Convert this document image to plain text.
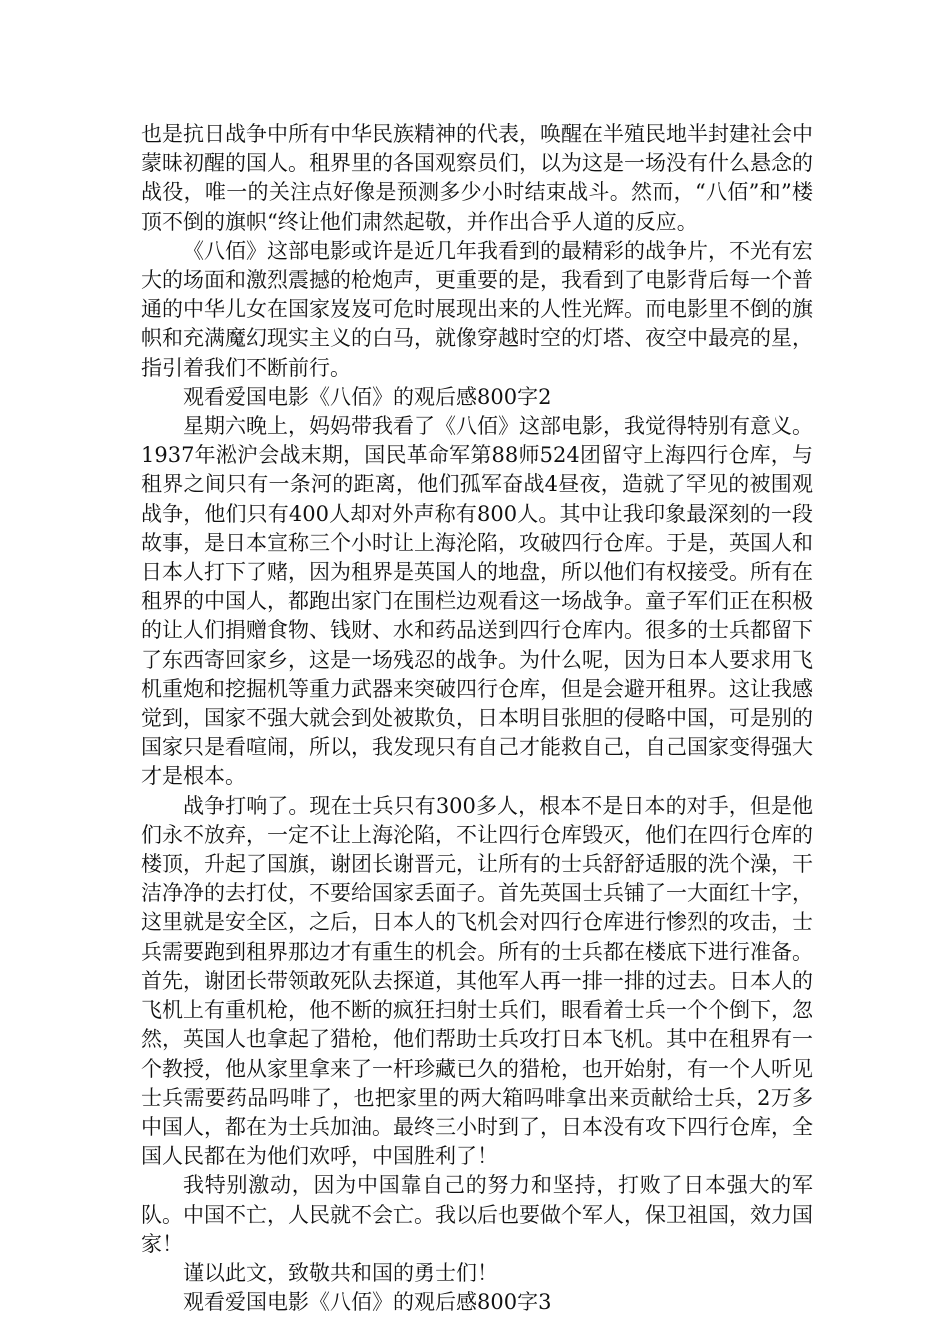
也是抗日战争中所有中华民族精神的代表，唤醒在半殖民地半封建社会中蒙昧初醒的国人。租界里的各国观察员们，以为这是一场没有什么悬念的战役，唯一的关注点好像是预测多少小时结束战斗。然而，“八佰”和”楼顶不倒的旗帜“终让他们肃然起敬，并作出合乎人道的反应。

《八佰》这部电影或许是近几年我看到的最精彩的战争片，不光有宏大的场面和激烈震撼的枪炮声，更重要的是，我看到了电影背后每一个普通的中华儿女在国家岌岌可危时展现出来的人性光辉。而电影里不倒的旗帜和充满魔幻现实主义的白马，就像穿越时空的灯塔、夜空中最亮的星，指引着我们不断前行。

观看爱国电影《八佰》的观后感800字2

星期六晚上，妈妈带我看了《八佰》这部电影，我觉得特别有意义。1937年淞沪会战末期，国民革命军第88师524团留守上海四行仓库，与租界之间只有一条河的距离，他们孤军奋战4昼夜，造就了罕见的被围观战争，他们只有400人却对外声称有800人。其中让我印象最深刻的一段故事，是日本宣称三个小时让上海沦陷，攻破四行仓库。于是，英国人和日本人打下了赌，因为租界是英国人的地盘，所以他们有权接受。所有在租界的中国人，都跑出家门在围栏边观看这一场战争。童子军们正在积极的让人们捐赠食物、钱财、水和药品送到四行仓库内。很多的士兵都留下了东西寄回家乡，这是一场残忍的战争。为什么呢，因为日本人要求用飞机重炮和挖掘机等重力武器来突破四行仓库，但是会避开租界。这让我感觉到，国家不强大就会到处被欺负，日本明目张胆的侵略中国，可是别的国家只是看喧闹，所以，我发现只有自己才能救自己，自己国家变得强大才是根本。

战争打响了。现在士兵只有300多人，根本不是日本的对手，但是他们永不放弃，一定不让上海沦陷，不让四行仓库毁灭，他们在四行仓库的楼顶，升起了国旗，谢团长谢晋元，让所有的士兵舒舒适服的洗个澡，干洁净净的去打仗，不要给国家丢面子。首先英国士兵铺了一大面红十字，这里就是安全区，之后，日本人的飞机会对四行仓库进行惨烈的攻击，士兵需要跑到租界那边才有重生的机会。所有的士兵都在楼底下进行准备。首先，谢团长带领敢死队去探道，其他军人再一排一排的过去。日本人的飞机上有重机枪，他不断的疯狂扫射士兵们，眼看着士兵一个个倒下，忽然，英国人也拿起了猎枪，他们帮助士兵攻打日本飞机。其中在租界有一个教授，他从家里拿来了一杆珍藏已久的猎枪，也开始射，有一个人听见士兵需要药品吗啡了，也把家里的两大箱吗啡拿出来贡献给士兵，2万多中国人，都在为士兵加油。最终三小时到了，日本没有攻下四行仓库，全国人民都在为他们欢呼，中国胜利了！

我特别激动，因为中国靠自己的努力和坚持，打败了日本强大的军队。中国不亡，人民就不会亡。我以后也要做个军人，保卫祖国，效力国家！

谨以此文，致敬共和国的勇士们！

观看爱国电影《八佰》的观后感800字3
